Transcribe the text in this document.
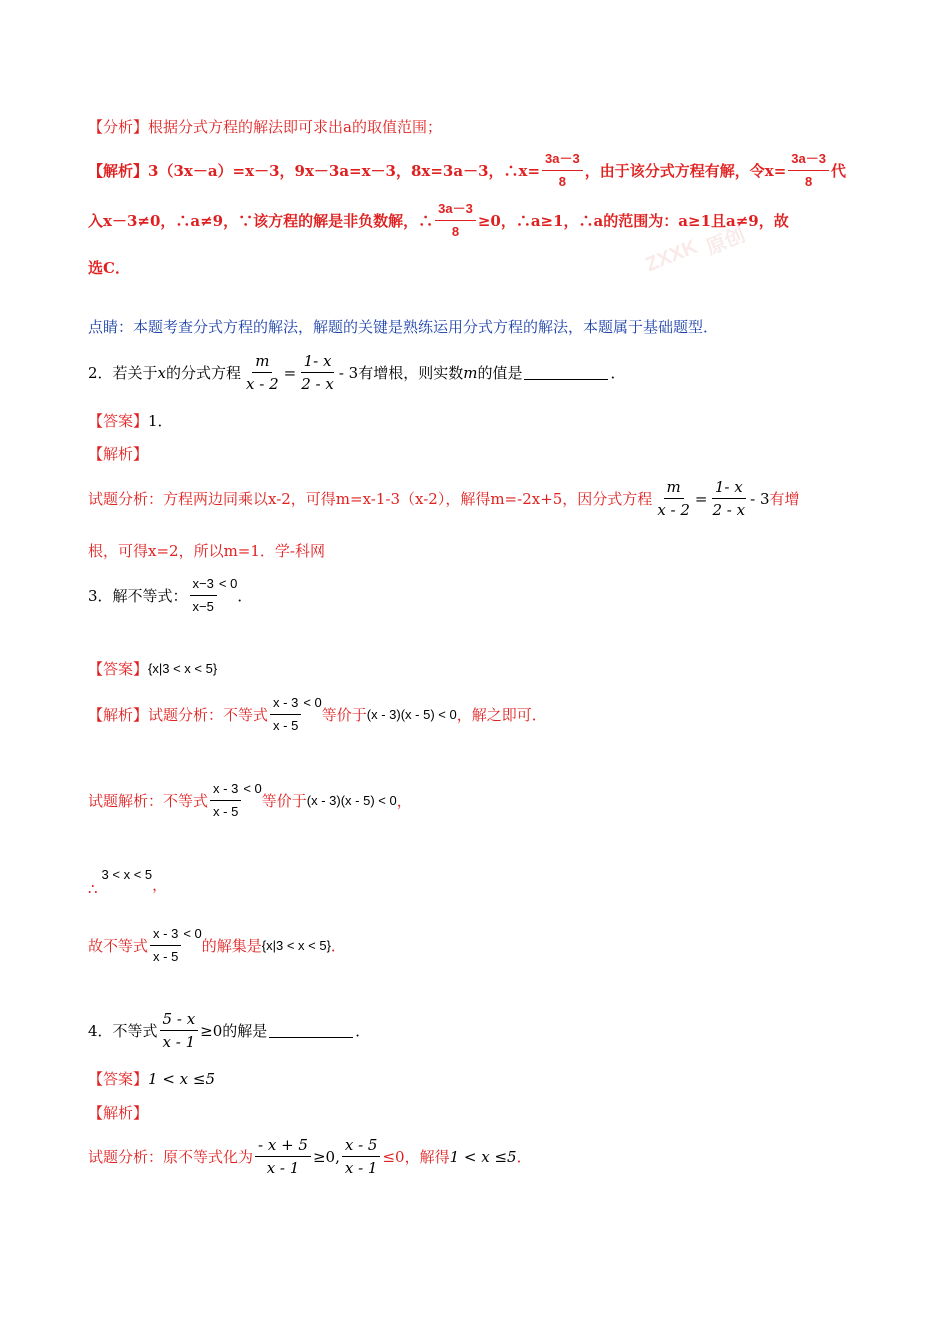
ZXXK 原创
【分析】 根据分式方程的解法即可求出a的取值范围；
【解析】 3（3x－a）=x－3，9x－3a=x－3，8x=3a－3，∴x= $\frac{3a-3}{8}$ ，由于该分式方程有解，令$x= \frac{3a-3}{8}$ 代
入x－3≠0，∴a≠9，∵该方程的解是非负数解，∴ $\frac{3a-3}{8} \ge 0$，∴a≥1，∴a的范围为：a≥1且a≠9，故
选C．
点睛：本题考查分式方程的解法，解题的关键是熟练运用分式方程的解法，本题属于基础题型．
2．若关于 x 的分式方程 $\frac{m}{x - 2} = \frac{1- x}{2 - x} - 3$ 有增根，则实数 m 的值是	．
【答案】 1．
【解析】
试题分析：方程两边同乘以x-2，可得m=x-1-3（x-2），解得m=-2x+5，因分式方程 $\frac{m}{x - 2} = \frac{1- x}{2 - x} - 3$ 有增
根，可得x=2，所以m=1．学-科网
3．解不等式： $\frac{x-3}{x-5} < 0$
．
【答案】 {x|3 < x < 5}
【解析】 试题分析：不等式 $\frac{x - 3}{x - 5} < 0$
等价于 (x - 3)(x - 5) < 0 ，解之即可．
试题解析：不等式 $\frac{x - 3}{x - 5} < 0$
等价于 (x - 3)(x - 5) < 0 ，
∴
3 < x < 5
，
故不等式 $\frac{x - 3}{x - 5} < 0$
的解集是 {x|3 < x < 5} ．
4．不等式 $\frac{5 - x}{x - 1} \ge 0$ 的解是	．
【答案】 1 < x ≤5
【解析】
试题分析：原不等式化为 $\frac{- x + 5}{x - 1} \ge 0$, $\frac{x - 5}{x - 1} \le 0$，解得 1 < x ≤5 ．
